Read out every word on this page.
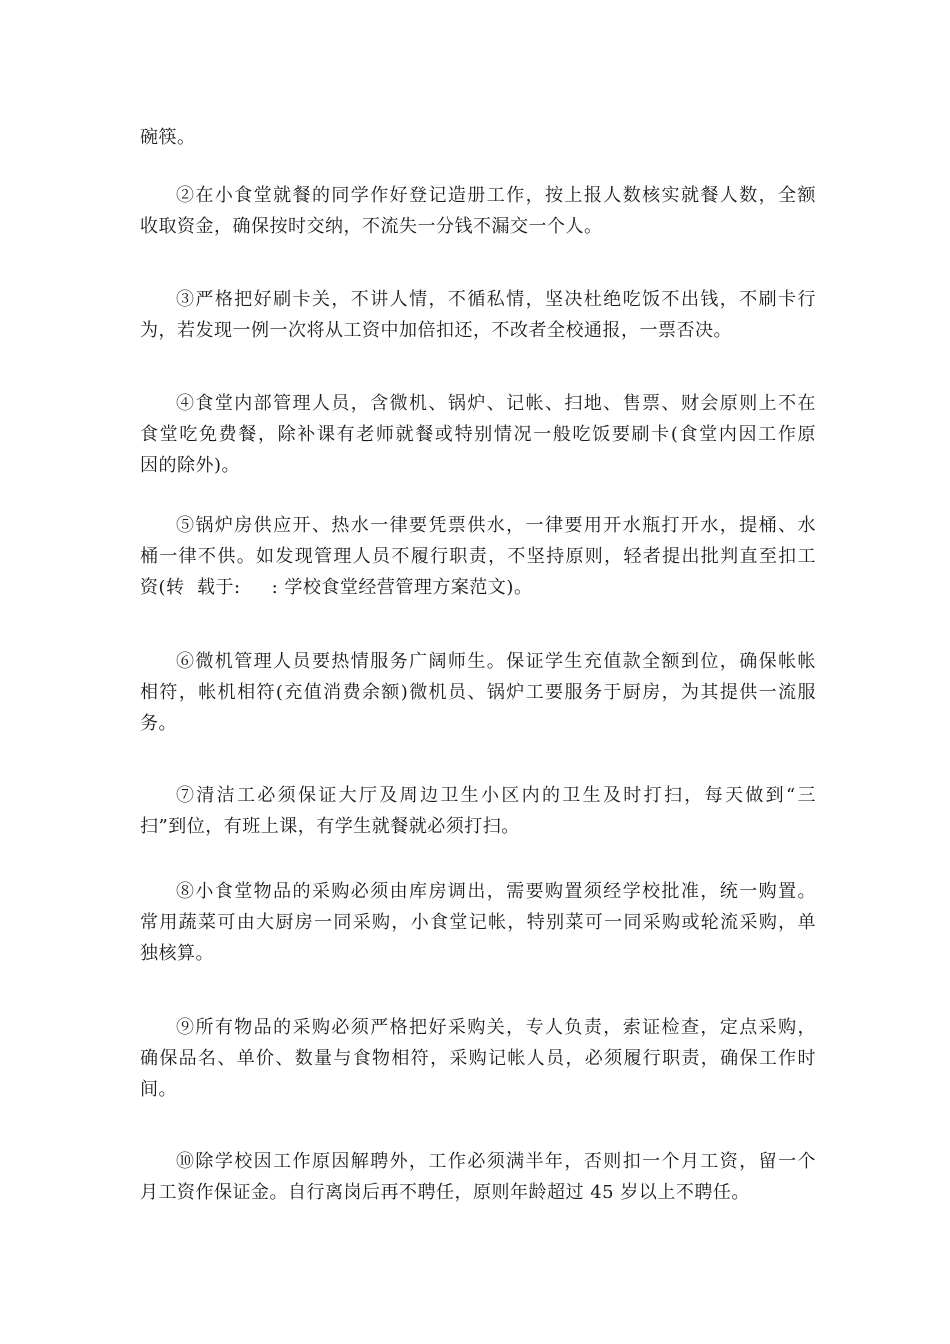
碗筷。
②在小食堂就餐的同学作好登记造册工作，按上报人数核实就餐人数，全额
收取资金，确保按时交纳，不流失一分钱不漏交一个人。
③严格把好刷卡关，不讲人情，不循私情，坚决杜绝吃饭不出钱，不刷卡行
为，若发现一例一次将从工资中加倍扣还，不改者全校通报，一票否决。
④食堂内部管理人员，含微机、锅炉、记帐、扫地、售票、财会原则上不在
食堂吃免费餐，除补课有老师就餐或特别情况一般吃饭要刷卡(食堂内因工作原
因的除外)。
⑤锅炉房供应开、热水一律要凭票供水，一律要用开水瓶打开水，提桶、水
桶一律不供。如发现管理人员不履行职责，不坚持原则，轻者提出批判直至扣工
资(转  载于:     : 学校食堂经营管理方案范文)。
⑥微机管理人员要热情服务广阔师生。保证学生充值款全额到位，确保帐帐
相符，帐机相符(充值消费余额)微机员、锅炉工要服务于厨房，为其提供一流服
务。
⑦清洁工必须保证大厅及周边卫生小区内的卫生及时打扫，每天做到“三
扫”到位，有班上课，有学生就餐就必须打扫。
⑧小食堂物品的采购必须由库房调出，需要购置须经学校批准，统一购置。
常用蔬菜可由大厨房一同采购，小食堂记帐，特别菜可一同采购或轮流采购，单
独核算。
⑨所有物品的采购必须严格把好采购关，专人负责，索证检查，定点采购，
确保品名、单价、数量与食物相符，采购记帐人员，必须履行职责，确保工作时
间。
⑩除学校因工作原因解聘外，工作必须满半年，否则扣一个月工资，留一个
月工资作保证金。自行离岗后再不聘任，原则年龄超过 45 岁以上不聘任。
